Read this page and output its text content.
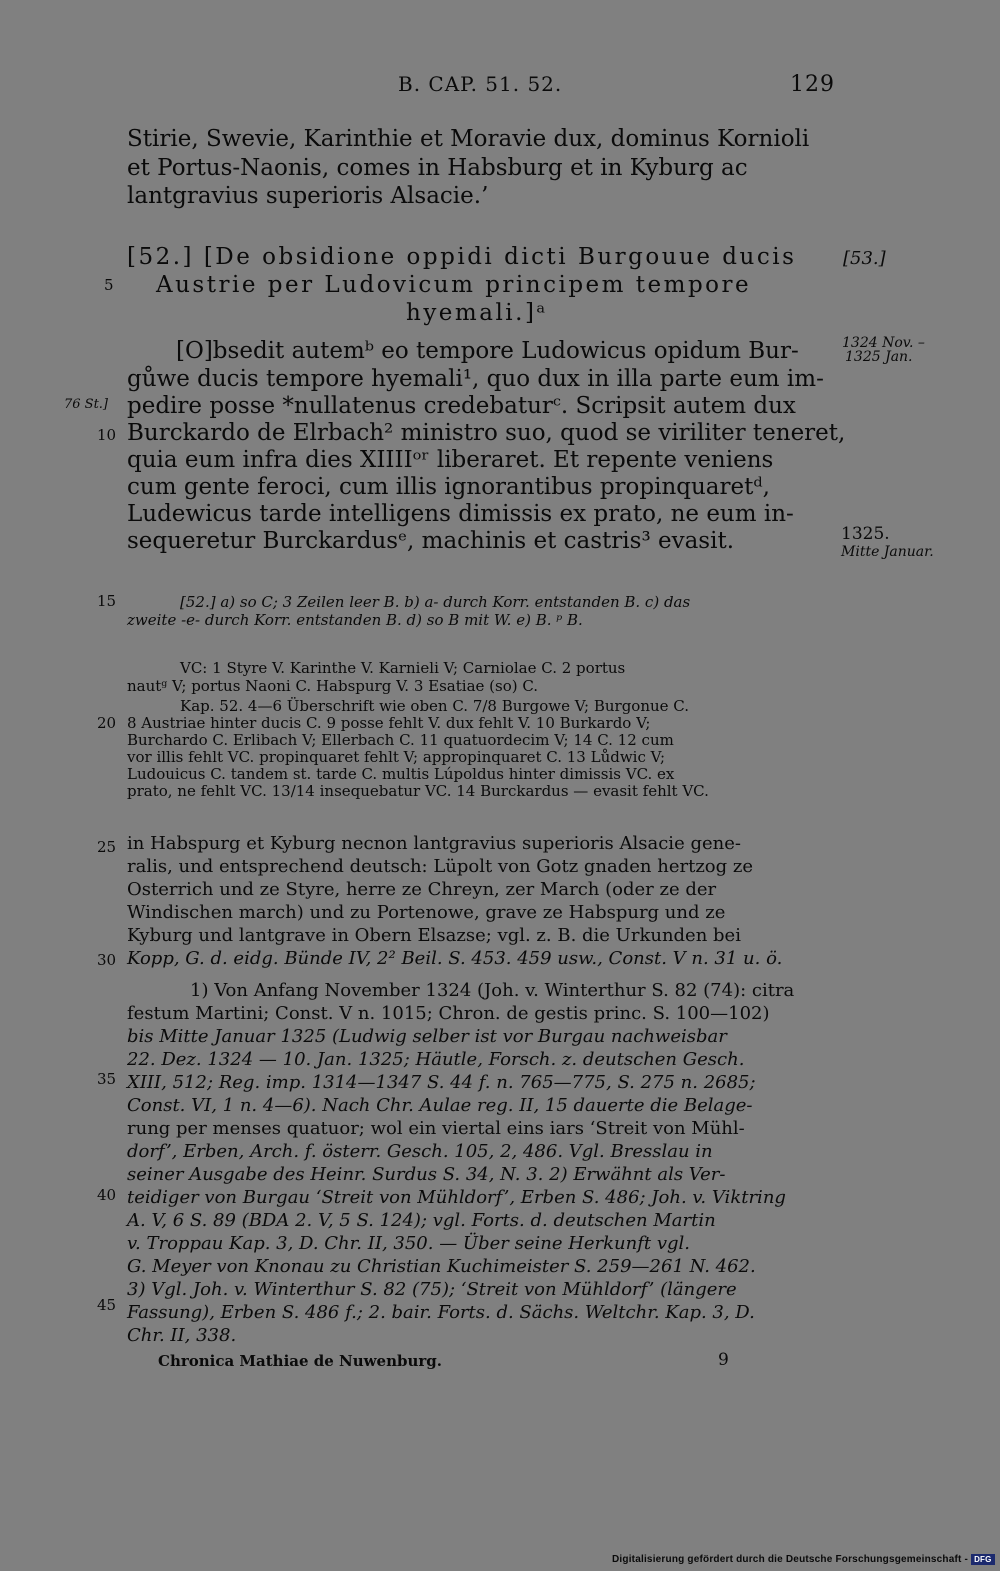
B. CAP. 51. 52.	129
Stirie, Swevie, Karinthie et Moravie dux, dominus Kornioli
et Portus-Naonis, comes in Habsburg et in Kyburg ac
lantgravius superioris Alsacie.’
[52.] [De obsidione oppidi dicti Burgouue ducis
Austrie per Ludovicum principem tempore
hyemali.]ᵃ
[53.]
[O]bsedit autemᵇ eo tempore Ludowicus opidum Bur-
gůwe ducis tempore hyemali¹, quo dux in illa parte eum im-
pedire posse *nullatenus credebaturᶜ. Scripsit autem dux
Burckardo de Elrbach² ministro suo, quod se viriliter teneret,
quia eum infra dies XIIIIᵒʳ liberaret. Et repente veniens
cum gente feroci, cum illis ignorantibus propinquaretᵈ,
Ludewicus tarde intelligens dimissis ex prato, ne eum in-
sequeretur Burckardusᵉ, machinis et castris³ evasit.
76 St.]
1324 Nov. –
1325 Jan.
1325.
Mitte Januar.
5
10
15
20
25
30
35
40
45
[52.] a) so C; 3 Zeilen leer B. b) a- durch Korr. entstanden B. c) das
zweite -e- durch Korr. entstanden B. d) so B mit W. e) B. ᵖ B.
VC: 1 Styre V. Karinthe V. Karnieli V; Carniolae C. 2 portus
nautᵍ V; portus Naoni C. Habspurg V. 3 Esatiae (so) C.
Kap. 52. 4—6 Überschrift wie oben C. 7/8 Burgowe V; Burgonue C.
8 Austriae hinter ducis C. 9 posse fehlt V. dux fehlt V. 10 Burkardo V;
Burchardo C. Erlibach V; Ellerbach C. 11 quatuordecim V; 14 C. 12 cum
vor illis fehlt VC. propinquaret fehlt V; appropinquaret C. 13 Lůdwic V;
Ludouicus C. tandem st. tarde C. multis Lúpoldus hinter dimissis VC. ex
prato, ne fehlt VC. 13/14 insequebatur VC. 14 Burckardus — evasit fehlt VC.
in Habspurg et Kyburg necnon lantgravius superioris Alsacie gene-
ralis, und entsprechend deutsch: Lüpolt von Gotz gnaden hertzog ze
Osterrich und ze Styre, herre ze Chreyn, zer March (oder ze der
Windischen march) und zu Portenowe, grave ze Habspurg und ze
Kyburg und lantgrave in Obern Elsazse; vgl. z. B. die Urkunden bei
Kopp, G. d. eidg. Bünde IV, 2² Beil. S. 453. 459 usw., Const. V n. 31 u. ö.
1) Von Anfang November 1324 (Joh. v. Winterthur S. 82 (74): citra
festum Martini; Const. V n. 1015; Chron. de gestis princ. S. 100—102)
bis Mitte Januar 1325 (Ludwig selber ist vor Burgau nachweisbar
22. Dez. 1324 — 10. Jan. 1325; Häutle, Forsch. z. deutschen Gesch.
XIII, 512; Reg. imp. 1314—1347 S. 44 f. n. 765—775, S. 275 n. 2685;
Const. VI, 1 n. 4—6). Nach Chr. Aulae reg. II, 15 dauerte die Belage-
rung per menses quatuor; wol ein viertal eins iars ‘Streit von Mühl-
dorf’, Erben, Arch. f. österr. Gesch. 105, 2, 486. Vgl. Bresslau in
seiner Ausgabe des Heinr. Surdus S. 34, N. 3. 2) Erwähnt als Ver-
teidiger von Burgau ‘Streit von Mühldorf’, Erben S. 486; Joh. v. Viktring
A. V, 6 S. 89 (BDA 2. V, 5 S. 124); vgl. Forts. d. deutschen Martin
v. Troppau Kap. 3, D. Chr. II, 350. — Über seine Herkunft vgl.
G. Meyer von Knonau zu Christian Kuchimeister S. 259—261 N. 462.
3) Vgl. Joh. v. Winterthur S. 82 (75); ‘Streit von Mühldorf’ (längere
Fassung), Erben S. 486 f.; 2. bair. Forts. d. Sächs. Weltchr. Kap. 3, D.
Chr. II, 338.
Chronica Mathiae de Nuwenburg.	9
Digitalisierung gefördert durch die Deutsche Forschungsgemeinschaft - DFG
